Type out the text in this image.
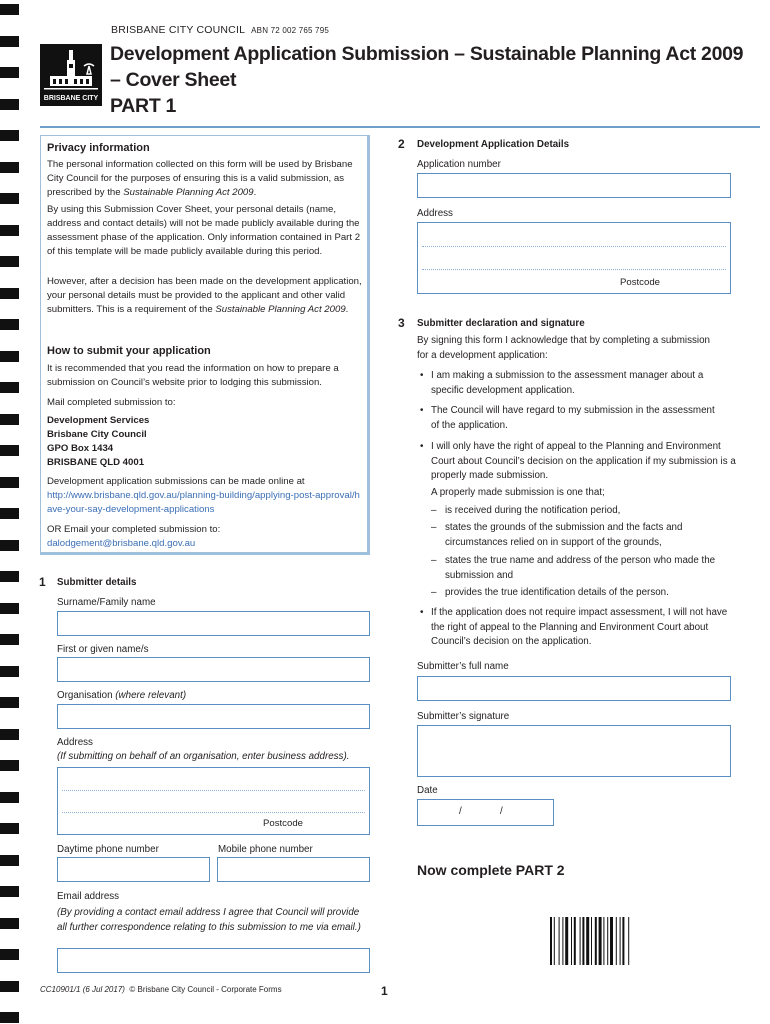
BRISBANE CITY COUNCIL ABN 72 002 765 795
BRISBANE CITY
Development Application Submission – Sustainable Planning Act 2009
– Cover Sheet
PART 1
Privacy information
The personal information collected on this form will be used by Brisbane City Council for the purposes of ensuring this is a valid submission, as prescribed by the Sustainable Planning Act 2009.
By using this Submission Cover Sheet, your personal details (name, address and contact details) will not be made publicly available during the assessment phase of the application. Only information contained in Part 2 of this template will be made publicly available during this period.
However, after a decision has been made on the development application, your personal details must be provided to the applicant and other valid submitters. This is a requirement of the Sustainable Planning Act 2009.
How to submit your application
It is recommended that you read the information on how to prepare a submission on Council’s website prior to lodging this submission.
Mail completed submission to:
Development Services
Brisbane City Council
GPO Box 1434
BRISBANE QLD 4001
Development application submissions can be made online at
http://www.brisbane.qld.gov.au/planning-building/applying-post-approval/have-your-say-development-applications
OR Email your completed submission to:
dalodgement@brisbane.qld.gov.au
1 Submitter details
Surname/Family name
First or given name/s
Organisation (where relevant)
Address
(If submitting on behalf of an organisation, enter business address).
Postcode
Daytime phone number	Mobile phone number
Email address
(By providing a contact email address I agree that Council will provide all further correspondence relating to this submission to me via email.)
2 Development Application Details
Application number
Address
Postcode
3 Submitter declaration and signature
By signing this form I acknowledge that by completing a submission for a development application:
• I am making a submission to the assessment manager about a specific development application.
• The Council will have regard to my submission in the assessment of the application.
• I will only have the right of appeal to the Planning and Environment Court about Council’s decision on the application if my submission is a properly made submission.
A properly made submission is one that;
– is received during the notification period,
– states the grounds of the submission and the facts and circumstances relied on in support of the grounds,
– states the true name and address of the person who made the submission and
– provides the true identification details of the person.
• If the application does not require impact assessment, I will not have the right of appeal to the Planning and Environment Court about Council’s decision on the application.
Submitter’s full name
Submitter’s signature
Date
/	/
Now complete PART 2
CC10901/1 (6 Jul 2017) © Brisbane City Council - Corporate Forms	1
